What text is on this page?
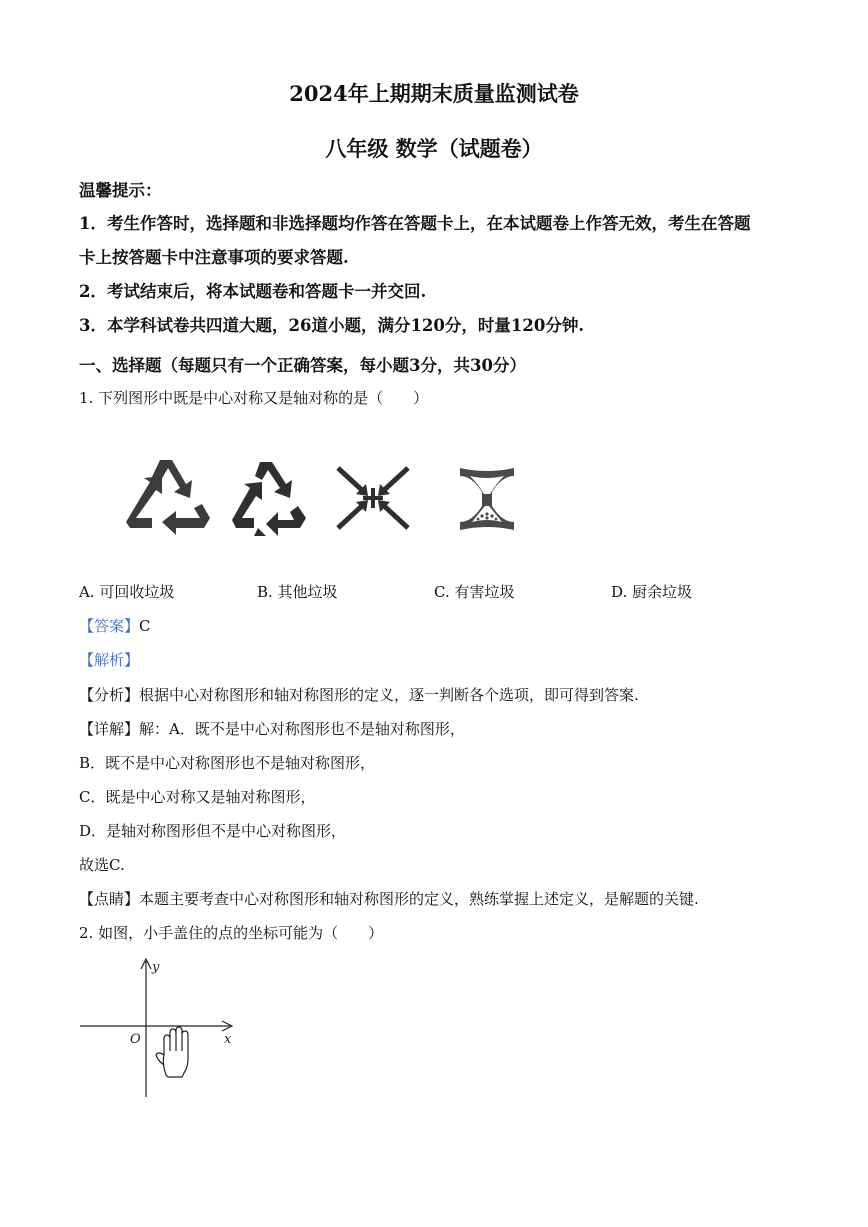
2024年上期期末质量监测试卷
八年级 数学（试题卷）
温馨提示：
1．考生作答时，选择题和非选择题均作答在答题卡上，在本试题卷上作答无效，考生在答题
卡上按答题卡中注意事项的要求答题.
2．考试结束后，将本试题卷和答题卡一并交回.
3．本学科试卷共四道大题，26道小题，满分120分，时量120分钟.
一、选择题（每题只有一个正确答案，每小题3分，共30分）
1. 下列图形中既是中心对称又是轴对称的是（　　）
A. 可回收垃圾	B. 其他垃圾	C. 有害垃圾	D. 厨余垃圾
【答案】C
【解析】
【分析】根据中心对称图形和轴对称图形的定义，逐一判断各个选项，即可得到答案.
【详解】解：A．既不是中心对称图形也不是轴对称图形，
B．既不是中心对称图形也不是轴对称图形，
C．既是中心对称又是轴对称图形，
D．是轴对称图形但不是中心对称图形，
故选C.
【点睛】本题主要考查中心对称图形和轴对称图形的定义，熟练掌握上述定义，是解题的关键.
2. 如图，小手盖住的点的坐标可能为（　　）
y
x
O
